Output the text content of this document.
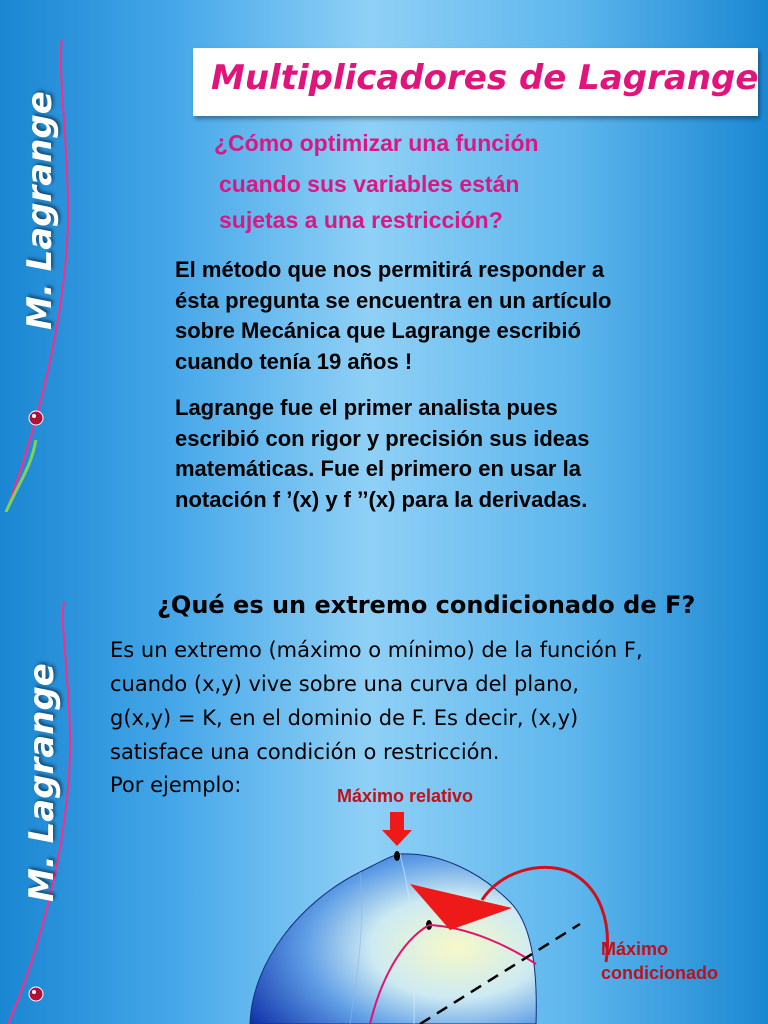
M. Lagrange
Multiplicadores de Lagrange
¿Cómo optimizar una función
cuando sus variables están
sujetas a una restricción?
El método que nos permitirá responder a
ésta pregunta se encuentra en un artículo
sobre Mecánica que Lagrange escribió
cuando tenía 19 años !
Lagrange fue el primer analista pues
escribió con rigor y precisión sus ideas
matemáticas. Fue el primero en usar la
notación f ’(x) y f ’’(x) para la derivadas.
M. Lagrange
¿Qué es un extremo condicionado de F?
Es un extremo (máximo o mínimo) de la función F,
cuando (x,y) vive sobre una curva del plano,
g(x,y) = K, en el dominio de F. Es decir, (x,y)
satisface una condición o restricción.
Por ejemplo:	Máximo relativo
Máximo
condicionado
